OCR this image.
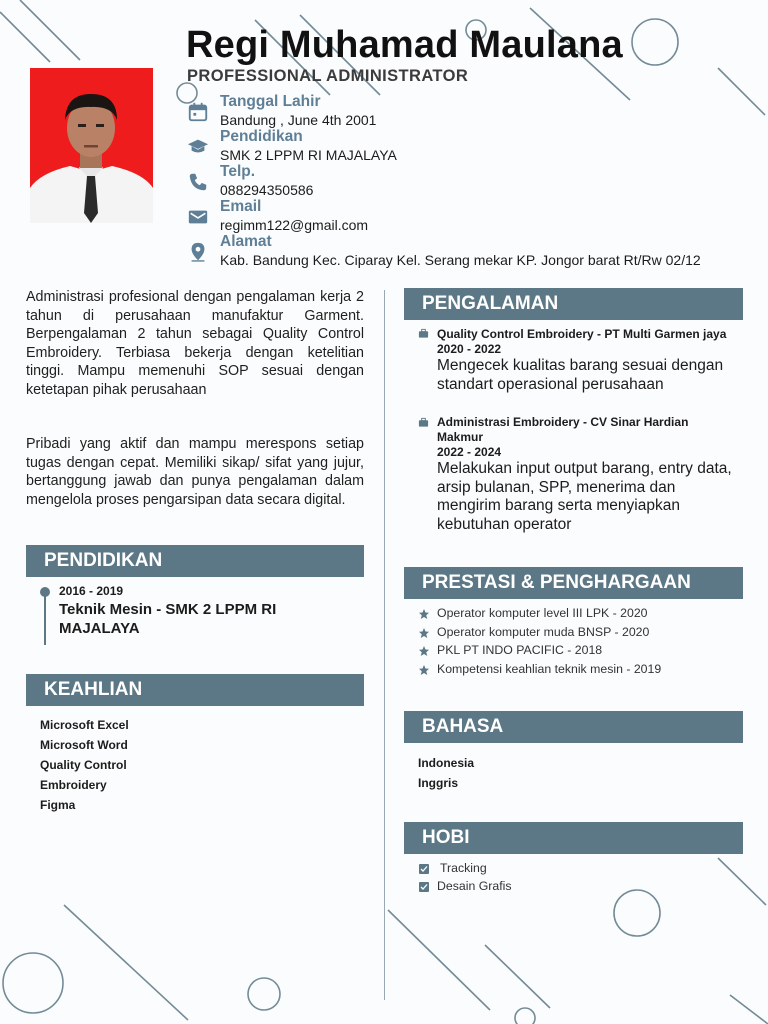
Regi Muhamad Maulana
PROFESSIONAL ADMINISTRATOR
Tanggal Lahir
Bandung , June 4th 2001
Pendidikan
SMK 2 LPPM RI MAJALAYA
Telp.
088294350586
Email
regimm122@gmail.com
Alamat
Kab. Bandung Kec. Ciparay Kel. Serang mekar KP. Jongor barat Rt/Rw 02/12
Administrasi profesional dengan pengalaman kerja 2 tahun di perusahaan manufaktur Garment. Berpengalaman 2 tahun sebagai Quality Control Embroidery. Terbiasa bekerja dengan ketelitian tinggi. Mampu memenuhi SOP sesuai dengan ketetapan pihak perusahaan
Pribadi yang aktif dan mampu merespons setiap tugas dengan cepat. Memiliki sikap/ sifat yang jujur, bertanggung jawab dan punya pengalaman dalam mengelola proses pengarsipan data secara digital.
PENDIDIKAN
2016 - 2019
Teknik Mesin - SMK 2 LPPM RI MAJALAYA
KEAHLIAN
Microsoft Excel
Microsoft Word
Quality Control
Embroidery
Figma
PENGALAMAN
Quality Control Embroidery - PT Multi Garmen jaya
2020 - 2022
Mengecek kualitas barang sesuai dengan standart operasional perusahaan
Administrasi Embroidery - CV Sinar Hardian Makmur
2022 - 2024
Melakukan input output barang, entry data, arsip bulanan, SPP, menerima dan mengirim barang serta menyiapkan kebutuhan operator
PRESTASI & PENGHARGAAN
Operator komputer level III LPK - 2020
Operator komputer muda BNSP - 2020
PKL PT INDO PACIFIC - 2018
Kompetensi keahlian teknik mesin - 2019
BAHASA
Indonesia
Inggris
HOBI
Tracking
Desain Grafis
